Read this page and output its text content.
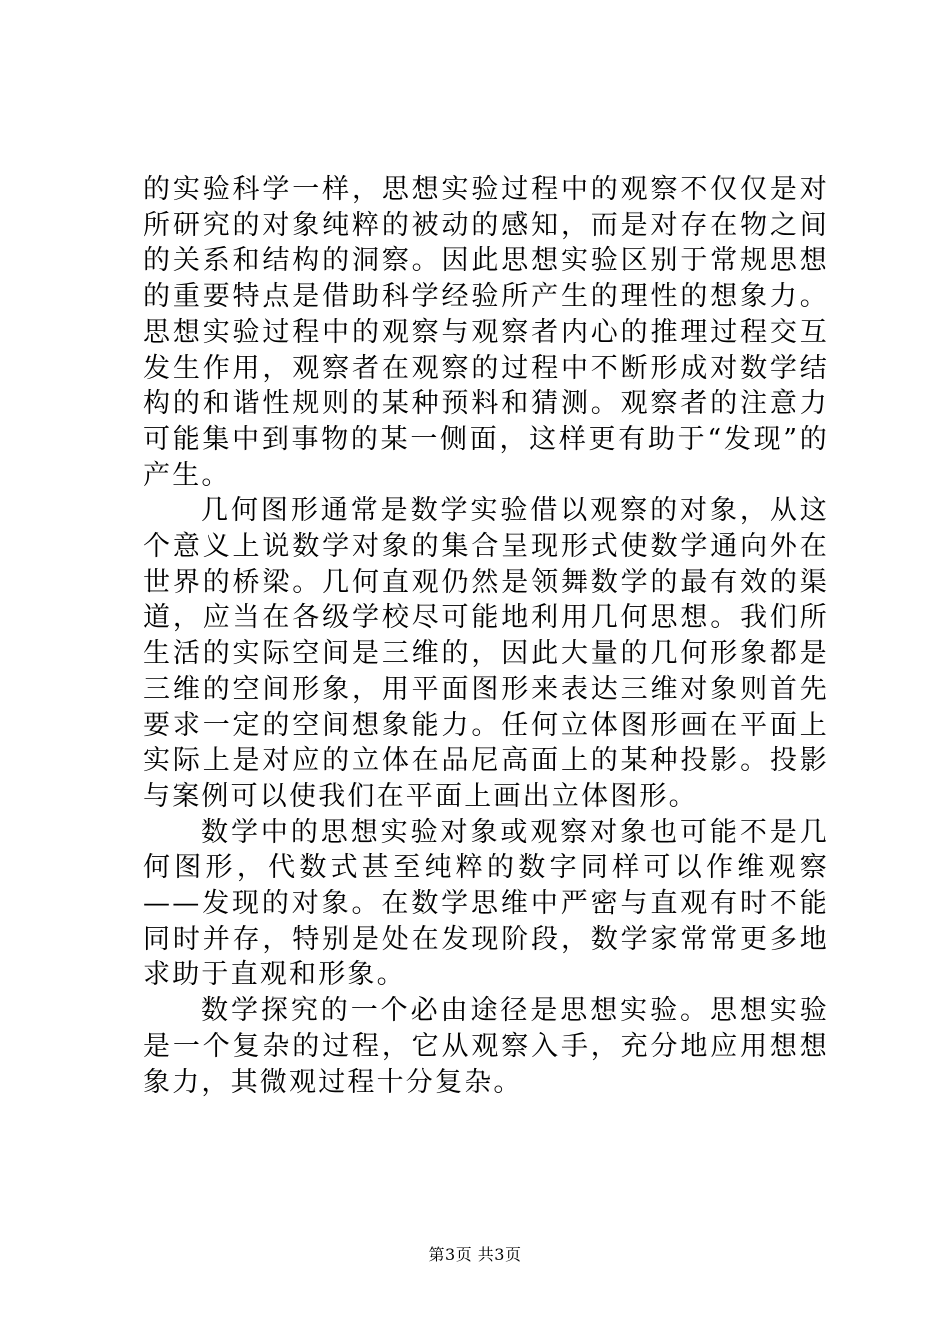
的实验科学一样，思想实验过程中的观察不仅仅是对所研究的对象纯粹的被动的感知，而是对存在物之间的关系和结构的洞察。因此思想实验区别于常规思想的重要特点是借助科学经验所产生的理性的想象力。思想实验过程中的观察与观察者内心的推理过程交互发生作用，观察者在观察的过程中不断形成对数学结构的和谐性规则的某种预料和猜测。观察者的注意力可能集中到事物的某一侧面，这样更有助于“发现”的产生。

几何图形通常是数学实验借以观察的对象，从这个意义上说数学对象的集合呈现形式使数学通向外在世界的桥梁。几何直观仍然是领舞数学的最有效的渠道，应当在各级学校尽可能地利用几何思想。我们所生活的实际空间是三维的，因此大量的几何形象都是三维的空间形象，用平面图形来表达三维对象则首先要求一定的空间想象能力。任何立体图形画在平面上实际上是对应的立体在品尼高面上的某种投影。投影与案例可以使我们在平面上画出立体图形。

数学中的思想实验对象或观察对象也可能不是几何图形，代数式甚至纯粹的数字同样可以作维观察——发现的对象。在数学思维中严密与直观有时不能同时并存，特别是处在发现阶段，数学家常常更多地求助于直观和形象。

数学探究的一个必由途径是思想实验。思想实验是一个复杂的过程，它从观察入手，充分地应用想想象力，其微观过程十分复杂。

第3页 共3页
